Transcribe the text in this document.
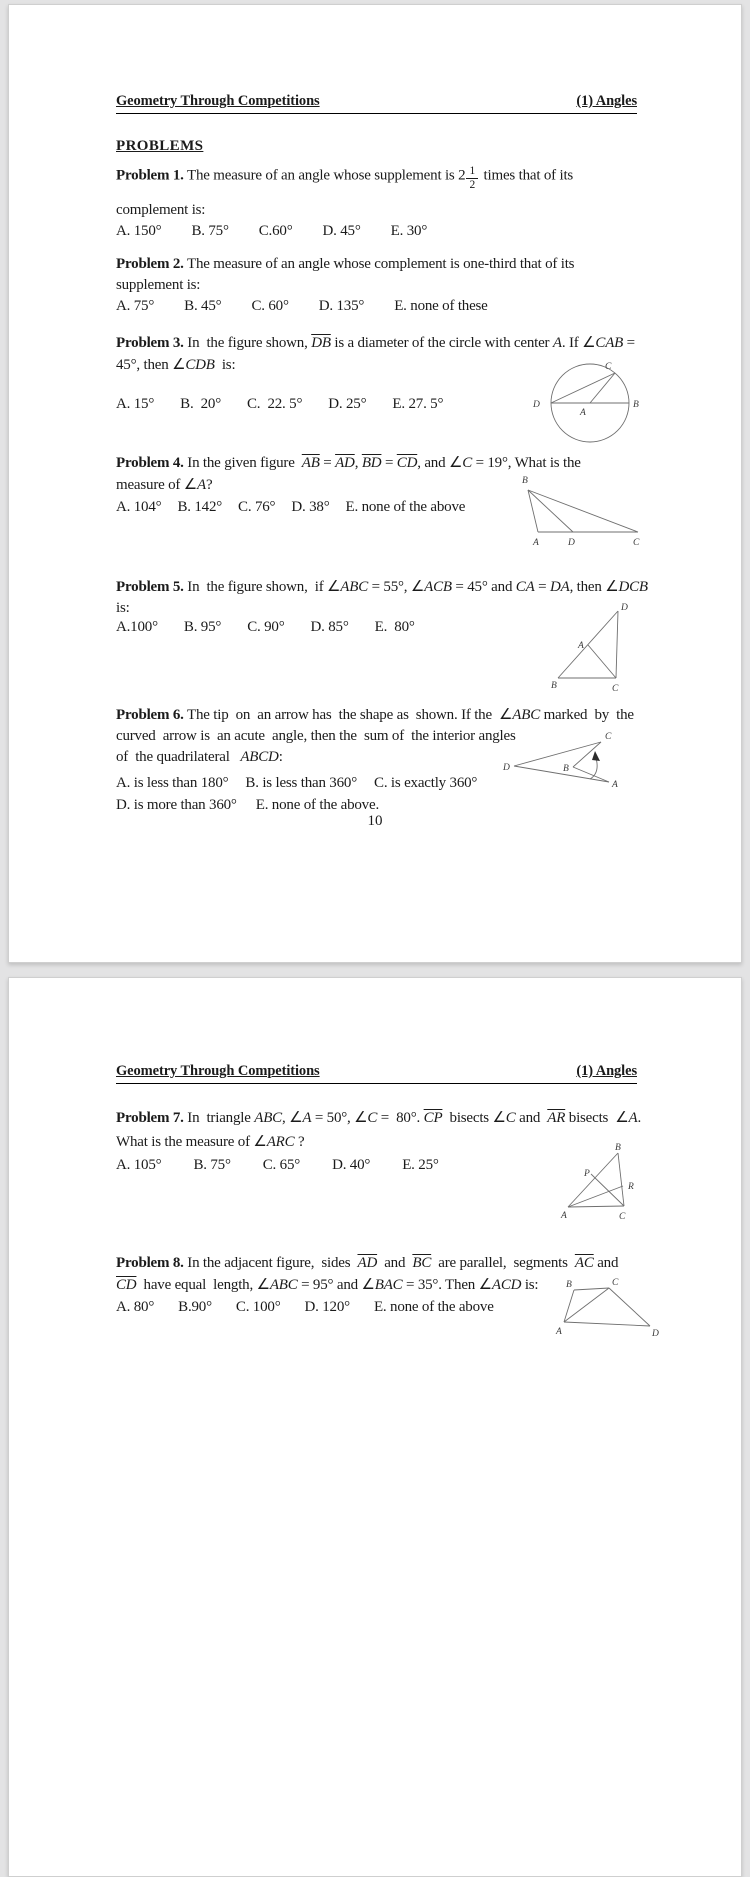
Geometry Through Competitions	(1) Angles
PROBLEMS
Problem 1. The measure of an angle whose supplement is $2 \frac{1}{2}$ times that of its
complement is:
A. 150° B. 75° C.60° D. 45° E. 30°
Problem 2. The measure of an angle whose complement is one-third that of its
supplement is:
A. 75° B. 45° C. 60° D. 135° E. none of these
Problem 3. In  the figure shown, $\overline{DB}$ is a diameter of the circle with center A. If ∠CAB =
45°, then ∠CDB  is:
A. 15° B.  20° C.  22. 5° D. 25° E. 27. 5°
C
D	B
A
Problem 4. In the given figure  $\overline{AB} = \overline{AD}$, $\overline{BD} = \overline{CD}$, and ∠C = 19°, What is the
measure of ∠A?
A. 104° B. 142° C. 76° D. 38° E. none of the above
B
A	D	C
Problem 5. In  the figure shown,  if ∠ABC = 55°, ∠ACB = 45° and CA = DA, then ∠DCB
is:
A.100° B. 95° C. 90° D. 85° E.  80°
D
A
B	C
Problem 6. The tip  on  an arrow has  the shape as  shown. If the  ∠ABC marked  by  the
curved  arrow is  an acute  angle, then the  sum of  the interior angles
of  the quadrilateral   ABCD:
A. is less than 180° B. is less than 360° C. is exactly 360°
D. is more than 360° E. none of the above.
D
C
B
A
10
Geometry Through Competitions	(1) Angles
Problem 7. In  triangle ABC, ∠A = 50°, ∠C =  80°. $\overline{CP}$  bisects ∠C and  $\overline{AR}$ bisects  ∠A.
What is the measure of ∠ARC ?
A. 105° B. 75° C. 65° D. 40° E. 25°
B
P
R
A	C
Problem 8. In the adjacent figure,  sides  $\overline{AD}$  and  $\overline{BC}$  are parallel,  segments  $\overline{AC}$ and
$\overline{CD}$  have equal  length, ∠ABC = 95° and ∠BAC = 35°. Then ∠ACD is:
A. 80° B.90° C. 100° D. 120° E. none of the above
B	C
A	D
